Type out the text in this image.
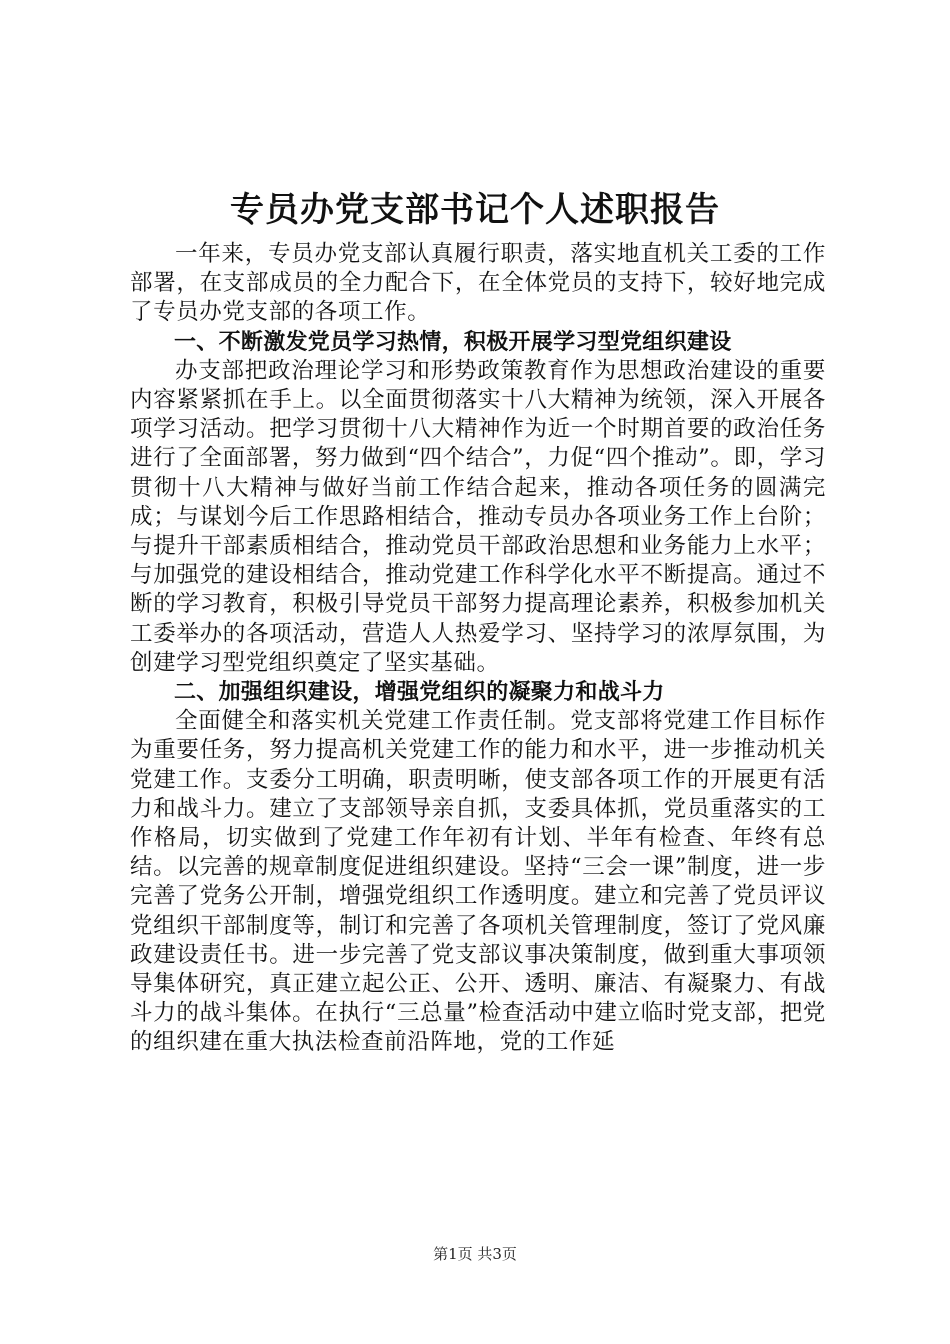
专员办党支部书记个人述职报告

一年来，专员办党支部认真履行职责，落实地直机关工委的工作部署，在支部成员的全力配合下，在全体党员的支持下，较好地完成了专员办党支部的各项工作。

一、不断激发党员学习热情，积极开展学习型党组织建设

办支部把政治理论学习和形势政策教育作为思想政治建设的重要内容紧紧抓在手上。以全面贯彻落实十八大精神为统领，深入开展各项学习活动。把学习贯彻十八大精神作为近一个时期首要的政治任务进行了全面部署，努力做到“四个结合”，力促“四个推动”。即，学习贯彻十八大精神与做好当前工作结合起来，推动各项任务的圆满完成；与谋划今后工作思路相结合，推动专员办各项业务工作上台阶；与提升干部素质相结合，推动党员干部政治思想和业务能力上水平；与加强党的建设相结合，推动党建工作科学化水平不断提高。通过不断的学习教育，积极引导党员干部努力提高理论素养，积极参加机关工委举办的各项活动，营造人人热爱学习、坚持学习的浓厚氛围，为创建学习型党组织奠定了坚实基础。

二、加强组织建设，增强党组织的凝聚力和战斗力

全面健全和落实机关党建工作责任制。党支部将党建工作目标作为重要任务，努力提高机关党建工作的能力和水平，进一步推动机关党建工作。支委分工明确，职责明晰，使支部各项工作的开展更有活力和战斗力。建立了支部领导亲自抓，支委具体抓，党员重落实的工作格局，切实做到了党建工作年初有计划、半年有检查、年终有总结。以完善的规章制度促进组织建设。坚持“三会一课”制度，进一步完善了党务公开制，增强党组织工作透明度。建立和完善了党员评议党组织干部制度等，制订和完善了各项机关管理制度，签订了党风廉政建设责任书。进一步完善了党支部议事决策制度，做到重大事项领导集体研究，真正建立起公正、公开、透明、廉洁、有凝聚力、有战斗力的战斗集体。在执行“三总量”检查活动中建立临时党支部，把党的组织建在重大执法检查前沿阵地，党的工作延

第1页 共3页
